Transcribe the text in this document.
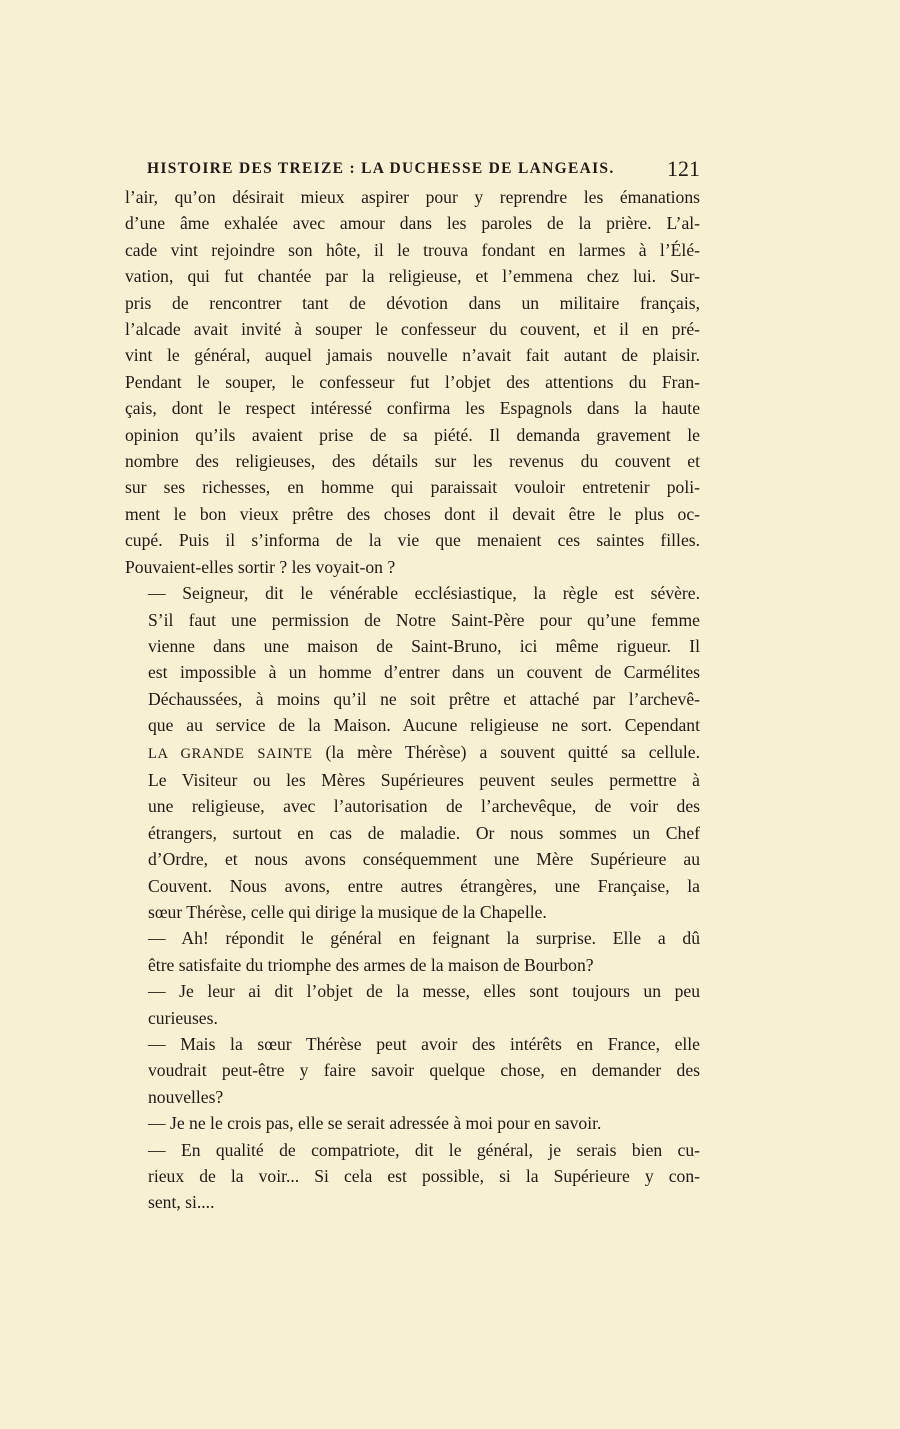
HISTOIRE DES TREIZE : LA DUCHESSE DE LANGEAIS. 121

l’air, qu’on désirait mieux aspirer pour y reprendre les émanations
d’une âme exhalée avec amour dans les paroles de la prière. L’al-
cade vint rejoindre son hôte, il le trouva fondant en larmes à l’Élé-
vation, qui fut chantée par la religieuse, et l’emmena chez lui. Sur-
pris de rencontrer tant de dévotion dans un militaire français,
l’alcade avait invité à souper le confesseur du couvent, et il en pré-
vint le général, auquel jamais nouvelle n’avait fait autant de plaisir.
Pendant le souper, le confesseur fut l’objet des attentions du Fran-
çais, dont le respect intéressé confirma les Espagnols dans la haute
opinion qu’ils avaient prise de sa piété. Il demanda gravement le
nombre des religieuses, des détails sur les revenus du couvent et
sur ses richesses, en homme qui paraissait vouloir entretenir poli-
ment le bon vieux prêtre des choses dont il devait être le plus oc-
cupé. Puis il s’informa de la vie que menaient ces saintes filles.
Pouvaient-elles sortir ? les voyait-on ?

— Seigneur, dit le vénérable ecclésiastique, la règle est sévère.
S’il faut une permission de Notre Saint-Père pour qu’une femme
vienne dans une maison de Saint-Bruno, ici même rigueur. Il
est impossible à un homme d’entrer dans un couvent de Carmélites
Déchaussées, à moins qu’il ne soit prêtre et attaché par l’archevê-
que au service de la Maison. Aucune religieuse ne sort. Cependant
LA GRANDE SAINTE (la mère Thérèse) a souvent quitté sa cellule.
Le Visiteur ou les Mères Supérieures peuvent seules permettre à
une religieuse, avec l’autorisation de l’archevêque, de voir des
étrangers, surtout en cas de maladie. Or nous sommes un Chef
d’Ordre, et nous avons conséquemment une Mère Supérieure au
Couvent. Nous avons, entre autres étrangères, une Française, la
sœur Thérèse, celle qui dirige la musique de la Chapelle.

— Ah! répondit le général en feignant la surprise. Elle a dû
être satisfaite du triomphe des armes de la maison de Bourbon?

— Je leur ai dit l’objet de la messe, elles sont toujours un peu
curieuses.

— Mais la sœur Thérèse peut avoir des intérêts en France, elle
voudrait peut-être y faire savoir quelque chose, en demander des
nouvelles?

— Je ne le crois pas, elle se serait adressée à moi pour en savoir.

— En qualité de compatriote, dit le général, je serais bien cu-
rieux de la voir... Si cela est possible, si la Supérieure y con-
sent, si....
